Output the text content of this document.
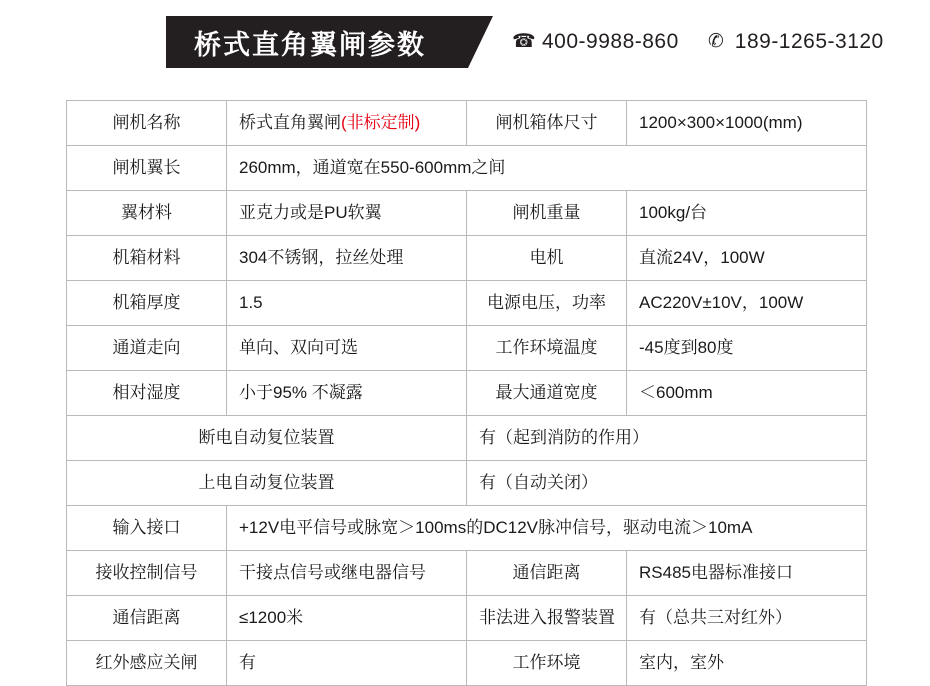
桥式直角翼闸参数	☎ 400-9988-860 ✆ 189-1265-3120
闸机名称	桥式直角翼闸(非标定制)	闸机箱体尺寸	1200×300×1000(mm)
闸机翼长	260mm，通道宽在550-600mm之间		
翼材料	亚克力或是PU软翼	闸机重量	100kg/台
机箱材料	304不锈钢，拉丝处理	电机	直流24V，100W
机箱厚度	1.5	电源电压，功率	AC220V±10V，100W
通道走向	单向、双向可选	工作环境温度	-45度到80度
相对湿度	小于95% 不凝露	最大通道宽度	＜600mm
断电自动复位装置		有（起到消防的作用）	
上电自动复位装置		有（自动关闭）	
输入接口	+12V电平信号或脉宽＞100ms的DC12V脉冲信号，驱动电流＞10mA		
接收控制信号	干接点信号或继电器信号	通信距离	RS485电器标准接口
通信距离	≤1200米	非法进入报警装置	有（总共三对红外）
红外感应关闸	有	工作环境	室内，室外
